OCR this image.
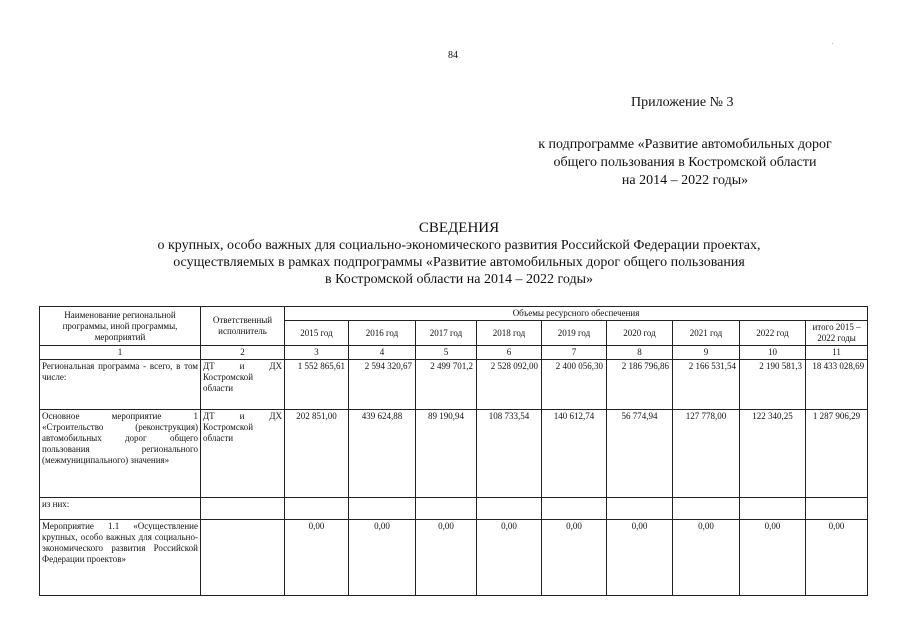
84
.
Приложение № 3
к подпрограмме «Развитие автомобильных дорог
общего пользования в Костромской области
на 2014 – 2022 годы»
СВЕДЕНИЯ
о крупных, особо важных для социально-экономического развития Российской Федерации проектах,
осуществляемых в рамках подпрограммы «Развитие автомобильных дорог общего пользования
в Костромской области на 2014 – 2022 годы»
Наименование региональной программы, иной программы, мероприятий	Ответственный исполнитель	Объемы ресурсного обеспечения								
		2015 год	2016 год	2017 год	2018 год	2019 год	2020 год	2021 год	2022 год	итого 2015 – 2022 годы
1	2	3	4	5	6	7	8	9	10	11
Региональная программа - всего, в том числе:	ДТ и ДХ Костромской области	1 552 865,61	2 594 320,67	2 499 701,2	2 528 092,00	2 400 056,30	2 186 796,86	2 166 531,54	2 190 581,3	18 433 028,69
Основное мероприятие 1 «Строительство (реконструкция) автомобильных дорог общего пользования регионального (межмуниципального) значения»	ДТ и ДХ Костромской области	202 851,00	439 624,88	89 190,94	108 733,54	140 612,74	56 774,94	127 778,00	122 340,25	1 287 906,29
из них:										
Мероприятие 1.1 «Осуществление крупных, особо важных для социально-экономического развития Российской Федерации проектов»		0,00	0,00	0,00	0,00	0,00	0,00	0,00	0,00	0,00
